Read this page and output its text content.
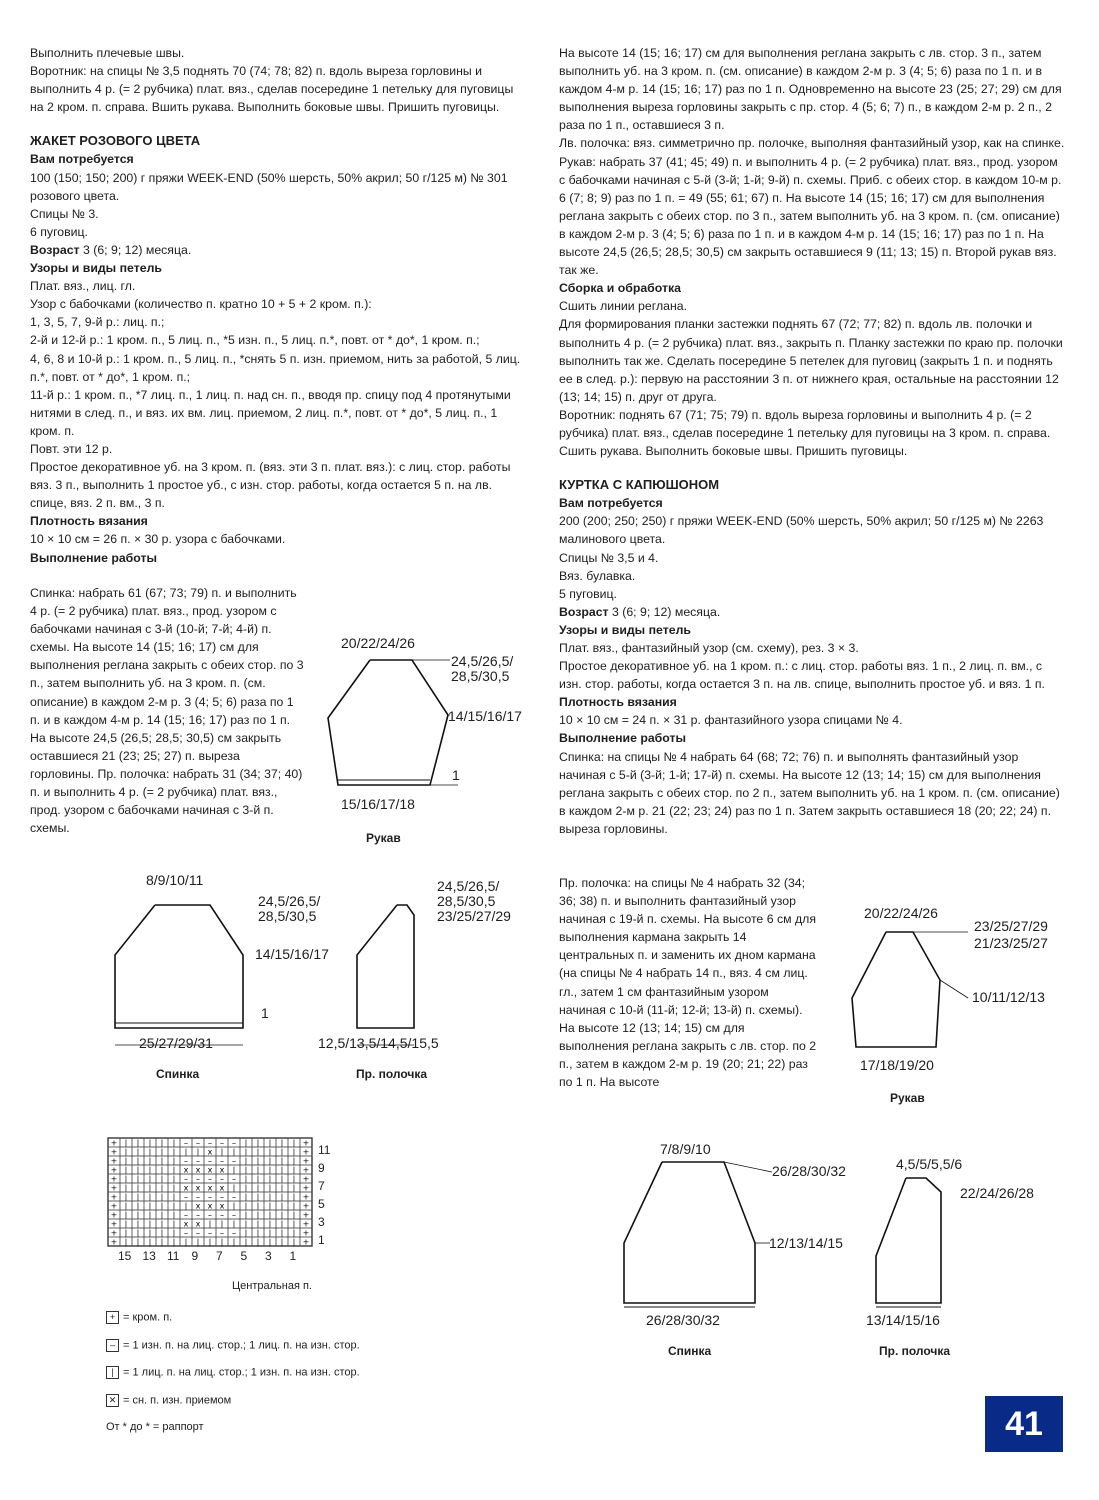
Выполнить плечевые швы.

Воротник: на спицы № 3,5 поднять 70 (74; 78; 82) п. вдоль выреза горловины и выполнить 4 р. (= 2 рубчика) плат. вяз., сделав посередине 1 петельку для пуговицы на 2 кром. п. справа. Вшить рукава. Выполнить боковые швы. Пришить пуговицы.

ЖАКЕТ РОЗОВОГО ЦВЕТА

Вам потребуется

100 (150; 150; 200) г пряжи WEEK-END (50% шерсть, 50% акрил; 50 г/125 м) № 301 розового цвета.

Спицы № 3.

6 пуговиц.

Возраст 3 (6; 9; 12) месяца.

Узоры и виды петель

Плат. вяз., лиц. гл.

Узор с бабочками (количество п. кратно 10 + 5 + 2 кром. п.):

1, 3, 5, 7, 9-й р.: лиц. п.;

2-й и 12-й р.: 1 кром. п., 5 лиц. п., *5 изн. п., 5 лиц. п.*, повт. от * до*, 1 кром. п.;

4, 6, 8 и 10-й р.: 1 кром. п., 5 лиц. п., *снять 5 п. изн. приемом, нить за работой, 5 лиц. п.*, повт. от * до*, 1 кром. п.;

11-й р.: 1 кром. п., *7 лиц. п., 1 лиц. п. над сн. п., вводя пр. спицу под 4 протянутыми нитями в след. п., и вяз. их вм. лиц. приемом, 2 лиц. п.*, повт. от * до*, 5 лиц. п., 1 кром. п.

Повт. эти 12 р.

Простое декоративное уб. на 3 кром. п. (вяз. эти 3 п. плат. вяз.): с лиц. стор. работы вяз. 3 п., выполнить 1 простое уб., с изн. стор. работы, когда остается 5 п. на лв. спице, вяз. 2 п. вм., 3 п.

Плотность вязания

10 × 10 см = 26 п. × 30 р. узора с бабочками.

Выполнение работы

Спинка: набрать 61 (67; 73; 79) п. и выполнить 4 р. (= 2 рубчика) плат. вяз., прод. узором с бабочками начиная с 3-й (10-й; 7-й; 4-й) п. схемы. На высоте 14 (15; 16; 17) см для выполнения реглана закрыть с обеих стор. по 3 п., затем выполнить уб. на 3 кром. п. (см. описание) в каждом 2-м р. 3 (4; 5; 6) раза по 1 п. и в каждом 4-м р. 14 (15; 16; 17) раз по 1 п. На высоте 24,5 (26,5; 28,5; 30,5) см закрыть оставшиеся 21 (23; 25; 27) п. выреза горловины. Пр. полочка: набрать 31 (34; 37; 40) п. и выполнить 4 р. (= 2 рубчика) плат. вяз., прод. узором с бабочками начиная с 3-й п. схемы.

На высоте 14 (15; 16; 17) см для выполнения реглана закрыть с лв. стор. 3 п., затем выполнить уб. на 3 кром. п. (см. описание) в каждом 2-м р. 3 (4; 5; 6) раза по 1 п. и в каждом 4-м р. 14 (15; 16; 17) раз по 1 п. Одновременно на высоте 23 (25; 27; 29) см для выполнения выреза горловины закрыть с пр. стор. 4 (5; 6; 7) п., в каждом 2-м р. 2 п., 2 раза по 1 п., оставшиеся 3 п.

Лв. полочка: вяз. симметрично пр. полочке, выполняя фантазийный узор, как на спинке.

Рукав: набрать 37 (41; 45; 49) п. и выполнить 4 р. (= 2 рубчика) плат. вяз., прод. узором с бабочками начиная с 5-й (3-й; 1-й; 9-й) п. схемы. Приб. с обеих стор. в каждом 10-м р. 6 (7; 8; 9) раз по 1 п. = 49 (55; 61; 67) п. На высоте 14 (15; 16; 17) см для выполнения реглана закрыть с обеих стор. по 3 п., затем выполнить уб. на 3 кром. п. (см. описание) в каждом 2-м р. 3 (4; 5; 6) раза по 1 п. и в каждом 4-м р. 14 (15; 16; 17) раз по 1 п. На высоте 24,5 (26,5; 28,5; 30,5) см закрыть оставшиеся 9 (11; 13; 15) п. Второй рукав вяз. так же.

Сборка и обработка

Сшить линии реглана.

Для формирования планки застежки поднять 67 (72; 77; 82) п. вдоль лв. полочки и выполнить 4 р. (= 2 рубчика) плат. вяз., закрыть п. Планку застежки по краю пр. полочки выполнить так же. Сделать посередине 5 петелек для пуговиц (закрыть 1 п. и поднять ее в след. р.): первую на расстоянии 3 п. от нижнего края, остальные на расстоянии 12 (13; 14; 15) п. друг от друга.

Воротник: поднять 67 (71; 75; 79) п. вдоль выреза горловины и выполнить 4 р. (= 2 рубчика) плат. вяз., сделав посередине 1 петельку для пуговицы на 3 кром. п. справа. Сшить рукава. Выполнить боковые швы. Пришить пуговицы.

КУРТКА С КАПЮШОНОМ

Вам потребуется

200 (200; 250; 250) г пряжи WEEK-END (50% шерсть, 50% акрил; 50 г/125 м) № 2263 малинового цвета.

Спицы № 3,5 и 4.

Вяз. булавка.

5 пуговиц.

Возраст 3 (6; 9; 12) месяца.

Узоры и виды петель

Плат. вяз., фантазийный узор (см. схему), рез. 3 × 3.

Простое декоративное уб. на 1 кром. п.: с лиц. стор. работы вяз. 1 п., 2 лиц. п. вм., с изн. стор. работы, когда остается 3 п. на лв. спице, выполнить простое уб. и вяз. 1 п.

Плотность вязания

10 × 10 см = 24 п. × 31 р. фантазийного узора спицами № 4.

Выполнение работы

Спинка: на спицы № 4 набрать 64 (68; 72; 76) п. и выполнять фантазийный узор начиная с 5-й (3-й; 1-й; 17-й) п. схемы. На высоте 12 (13; 14; 15) см для выполнения реглана закрыть с обеих стор. по 2 п., затем выполнить уб. на 1 кром. п. (см. описание) в каждом 2-м р. 21 (22; 23; 24) раз по 1 п. Затем закрыть оставшиеся 18 (20; 22; 24) п. выреза горловины.

Пр. полочка: на спицы № 4 набрать 32 (34; 36; 38) п. и выполнить фантазийный узор начиная с 19-й п. схемы. На высоте 6 см для выполнения кармана закрыть 14 центральных п. и заменить их дном кармана (на спицы № 4 набрать 14 п., вяз. 4 см лиц. гл., затем 1 см фантазийным узором начиная с 10-й (11-й; 12-й; 13-й) п. схемы). На высоте 12 (13; 14; 15) см для выполнения реглана закрыть с лв. стор. по 2 п., затем в каждом 2-м р. 19 (20; 21; 22) раз по 1 п. На высоте

20/22/24/26
24,5/26,5/
28,5/30,5
14/15/16/17
1
15/16/17/18
Рукав
8/9/10/11
24,5/26,5/
28,5/30,5
14/15/16/17
1
25/27/29/31
Спинка
24,5/26,5/
28,5/30,5
23/25/27/29
12,5/13,5/14,5/15,5
Пр. полочка
20/22/24/26
23/25/27/29
21/23/25/27
10/11/12/13
17/18/19/20
Рукав
+ | | | | | – – – – – | | | | | +
+ | | | | | | | x | | | | | | | +
+ | | | | | – – – – – | | | | | +
+ | | | | | x x x x | | | | | | +
+ | | | | | – – – – – | | | | | +
+ | | | | | x x x x | | | | | | +
+ | | | | | – – – – – | | | | | +
+ | | | | | | x x x | | | | | | +
+ | | | | | – – – – – | | | | | +
+ | | | | | x x | | | | | | | | +
+ | | | | | – – – – – | | | | | +
+ | | | | | | | | | | | | | | | +
11
9
7
5
3
1
15 13 11 9 7 5 3 1
Центральная п.
+ = кром. п.
– = 1 изн. п. на лиц. стор.; 1 лиц. п. на изн. стор.
| = 1 лиц. п. на лиц. стор.; 1 изн. п. на изн. стор.
✕ = сн. п. изн. приемом
От * до * = раппорт
7/8/9/10
26/28/30/32
12/13/14/15
26/28/30/32
Спинка
4,5/5/5,5/6
22/24/26/28
13/14/15/16
Пр. полочка
41
